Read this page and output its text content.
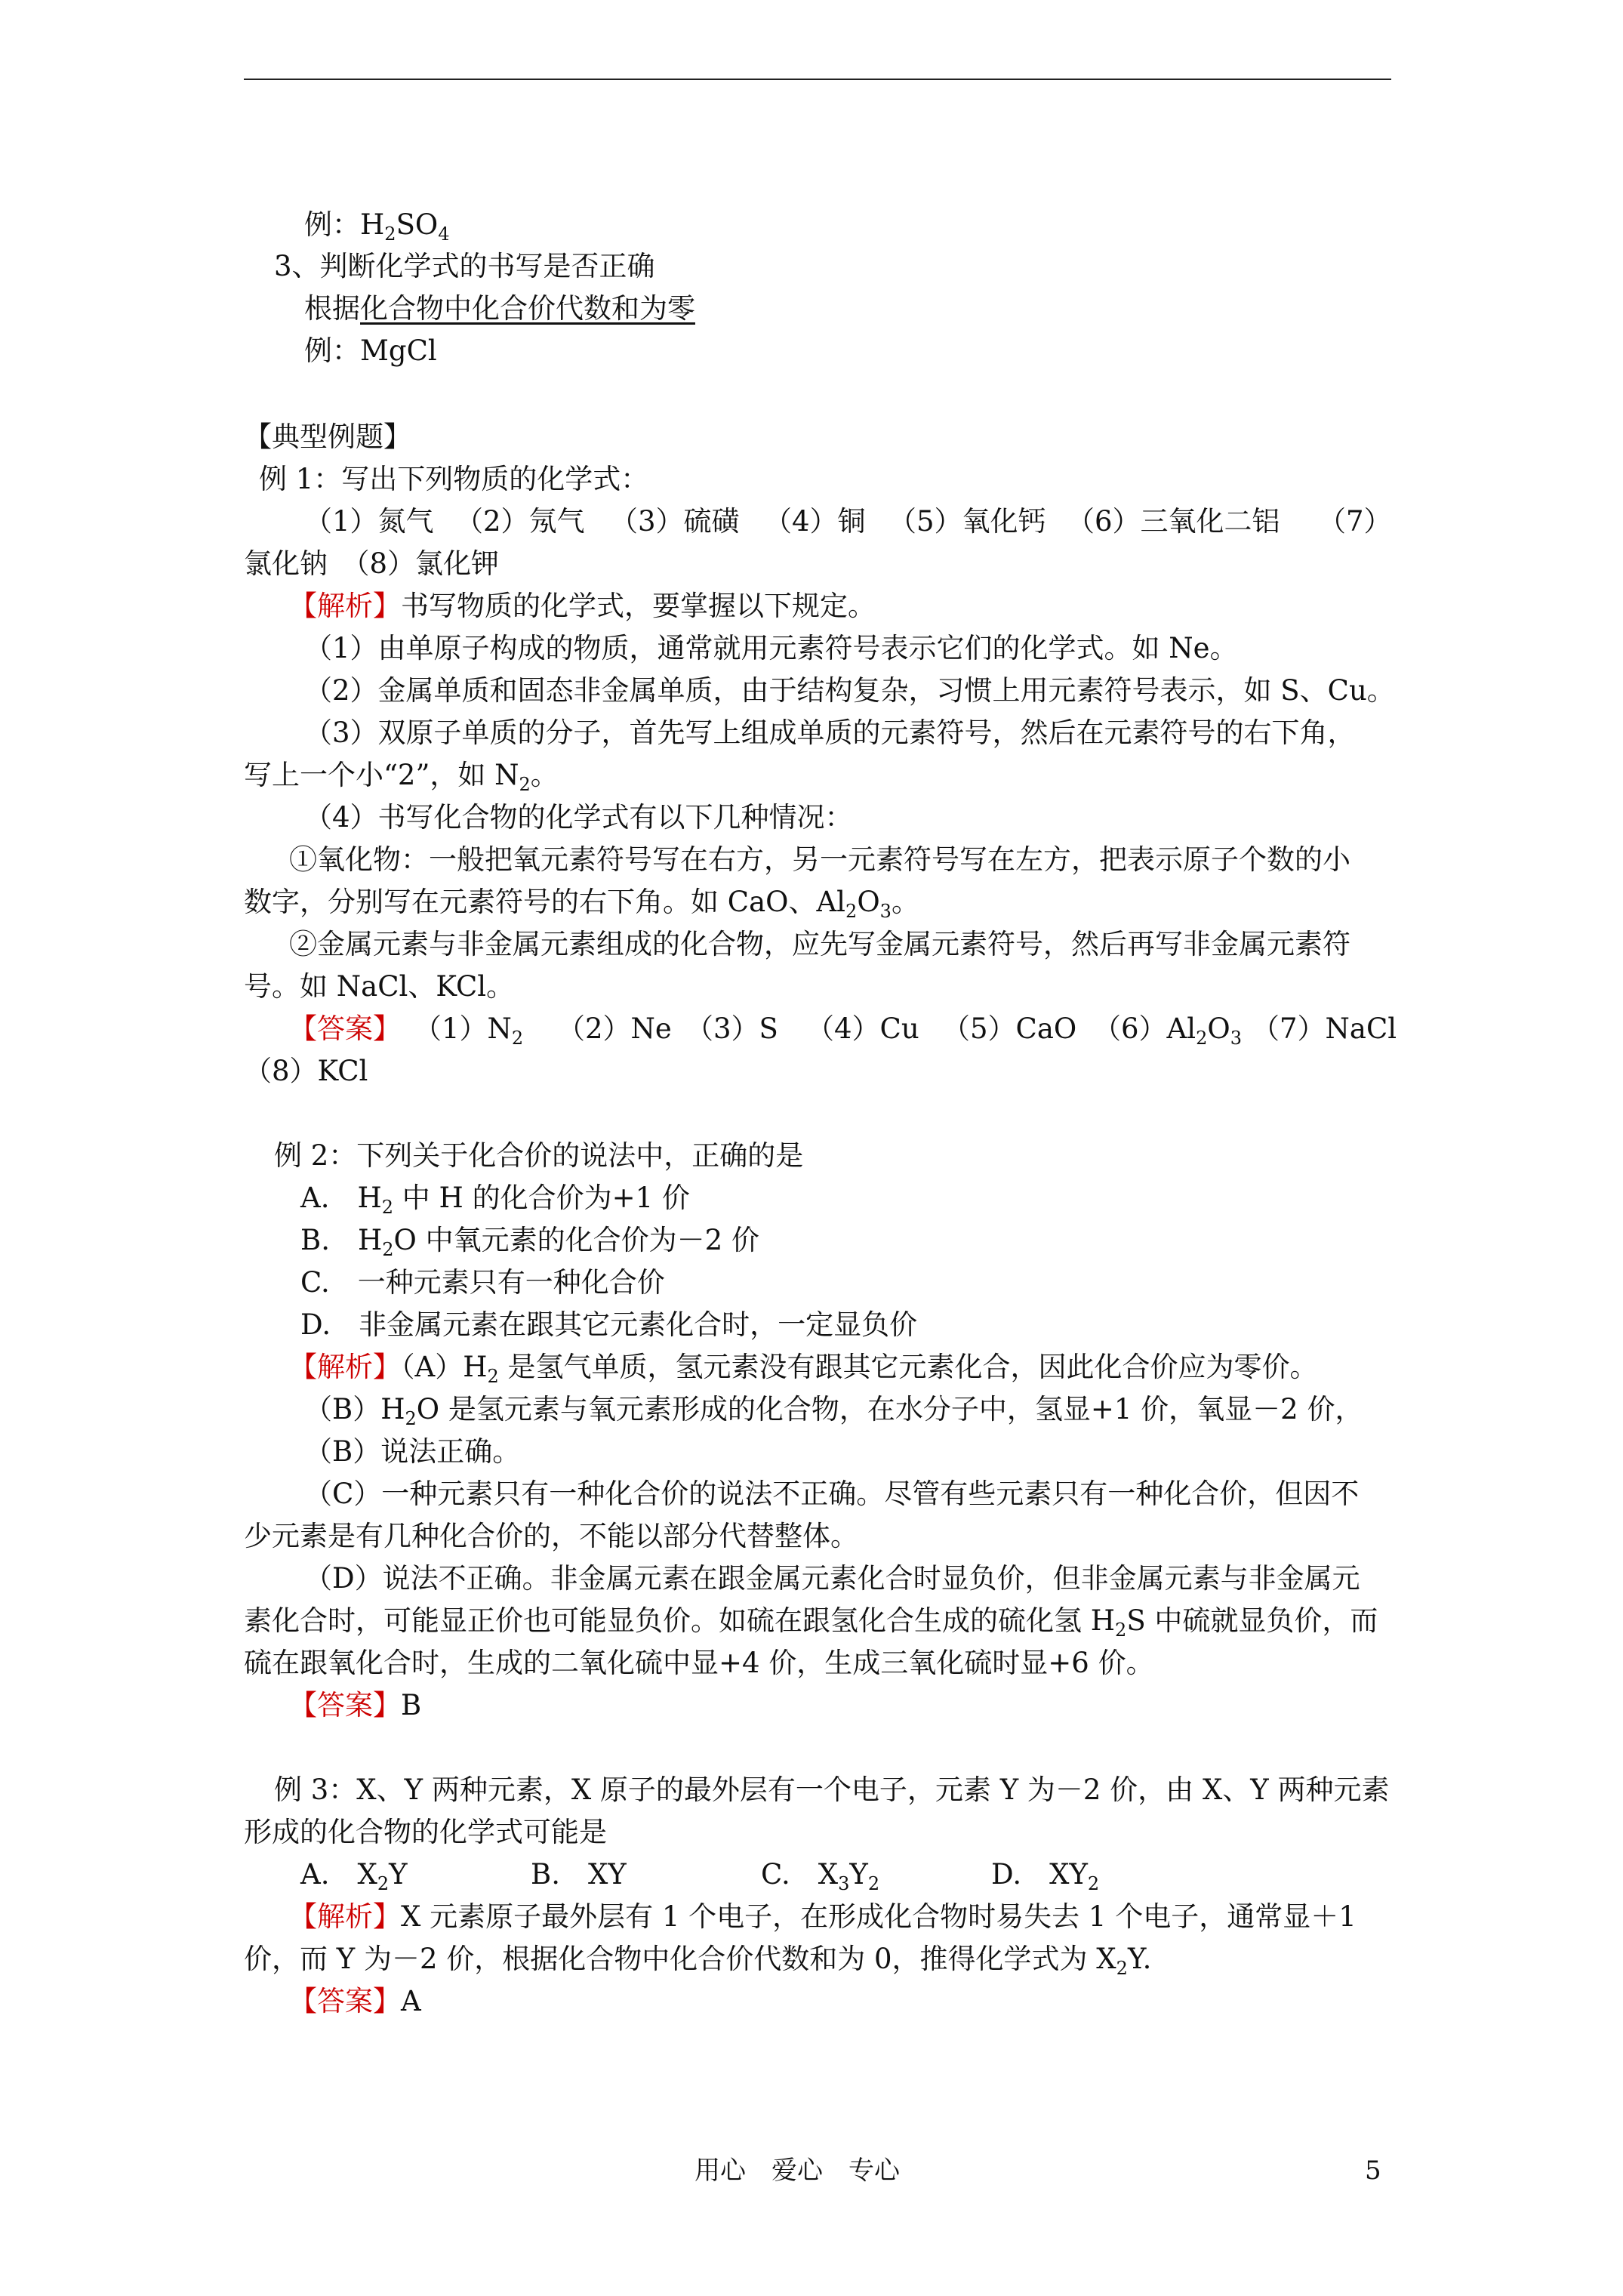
例：$H_2SO_4$
3、判断化学式的书写是否正确
根据化合物中化合价代数和为零
例：MgCl
【典型例题】
例 1：写出下列物质的化学式：
（1）氮气 （2）氖气 （3）硫磺 （4）铜 （5）氧化钙 （6）三氧化二铝 （7）
氯化钠　（8）氯化钾
【解析】书写物质的化学式，要掌握以下规定。
（1）由单原子构成的物质，通常就用元素符号表示它们的化学式。如 Ne。
（2）金属单质和固态非金属单质，由于结构复杂，习惯上用元素符号表示，如 S、Cu。
（3）双原子单质的分子，首先写上组成单质的元素符号，然后在元素符号的右下角，
写上一个小“2”，如 $N_2$。
（4）书写化合物的化学式有以下几种情况：
①氧化物：一般把氧元素符号写在右方，另一元素符号写在左方，把表示原子个数的小
数字，分别写在元素符号的右下角。如 CaO、$Al_2O_3$。
②金属元素与非金属元素组成的化合物，应先写金属元素符号，然后再写非金属元素符
号。如 NaCl、KCl。
【答案】 $(1)N_2$ （2）Ne （3）S （4）Cu （5）CaO $(6)Al_2O_3$ （7）NaCl
（8）KCl
例 2：下列关于化合价的说法中，正确的是
A.　$H_2$ 中 H 的化合价为+1 价
B.　$H_2O$ 中氧元素的化合价为－2 价
C.　一种元素只有一种化合价
D.　非金属元素在跟其它元素化合时，一定显负价
【解析】$(A)H_2$ 是氢气单质，氢元素没有跟其它元素化合，因此化合价应为零价。
$(B)H_2O$ 是氢元素与氧元素形成的化合物，在水分子中，氢显+1 价，氧显－2 价，
（B）说法正确。
（C）一种元素只有一种化合价的说法不正确。尽管有些元素只有一种化合价，但因不
少元素是有几种化合价的，不能以部分代替整体。
（D）说法不正确。非金属元素在跟金属元素化合时显负价，但非金属元素与非金属元
素化合时，可能显正价也可能显负价。如硫在跟氢化合生成的硫化氢 $H_2S$ 中硫就显负价，而
硫在跟氧化合时，生成的二氧化硫中显+4 价，生成三氧化硫时显+6 价。
【答案】B
例 3：X、Y 两种元素，X 原子的最外层有一个电子，元素 Y 为－2 价，由 X、Y 两种元素
形成的化合物的化学式可能是
A.　$X_2Y$	B.　XY	C.　$X_3Y_2$	D.　$XY_2$
【解析】X 元素原子最外层有 1 个电子，在形成化合物时易失去 1 个电子，通常显＋1
价，而 Y 为－2 价，根据化合物中化合价代数和为 0，推得化学式为 $X_2Y$.
【答案】A
用心　爱心　专心	5
